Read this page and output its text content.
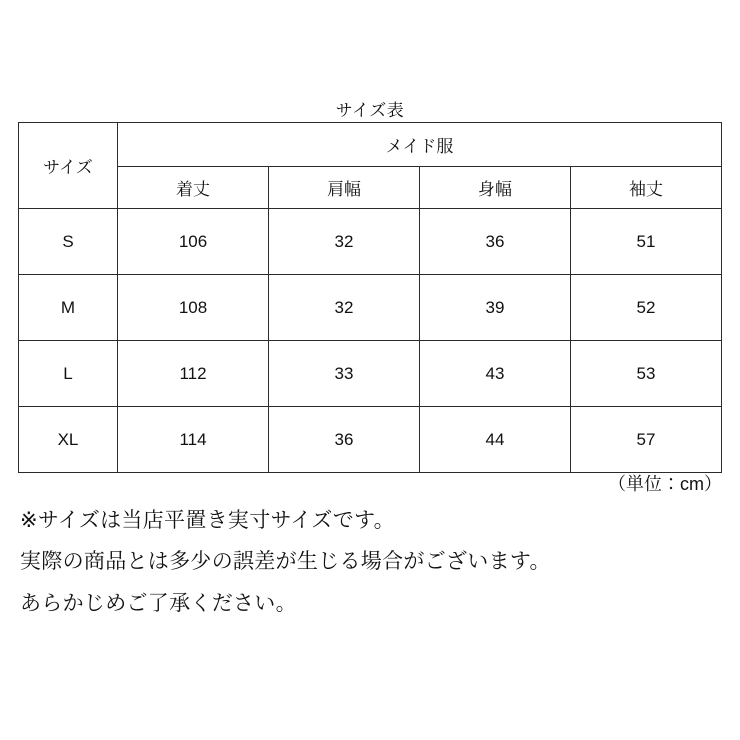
サイズ表
サイズ	メイド服			
	着丈	肩幅	身幅	袖丈
S	106	32	36	51
M	108	32	39	52
L	112	33	43	53
XL	114	36	44	57
（単位：cm）

※サイズは当店平置き実寸サイズです。

実際の商品とは多少の誤差が生じる場合がございます。

あらかじめご了承ください。
